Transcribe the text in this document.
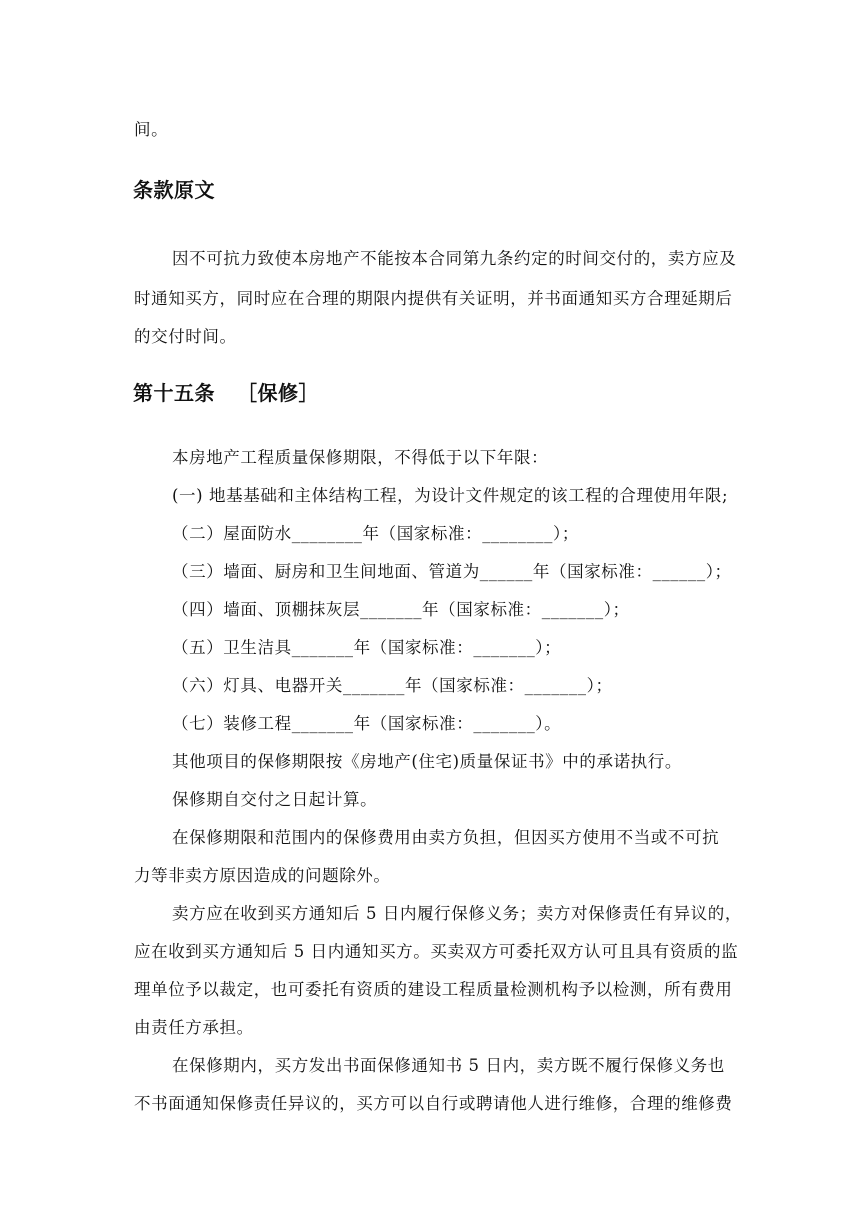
间。
条款原文
因不可抗力致使本房地产不能按本合同第九条约定的时间交付的，卖方应及
时通知买方，同时应在合理的期限内提供有关证明，并书面通知买方合理延期后
的交付时间。
第十五条 ［保修］
本房地产工程质量保修期限，不得低于以下年限：
(一) 地基基础和主体结构工程，为设计文件规定的该工程的合理使用年限;
（二）屋面防水________年（国家标准：________）；
（三）墙面、厨房和卫生间地面、管道为______年（国家标准：______）；
（四）墙面、顶棚抹灰层_______年（国家标准：_______）；
（五）卫生洁具_______年（国家标准：_______）；
（六）灯具、电器开关_______年（国家标准：_______）；
（七）装修工程_______年（国家标准：_______）。
其他项目的保修期限按《房地产(住宅)质量保证书》中的承诺执行。
保修期自交付之日起计算。
在保修期限和范围内的保修费用由卖方负担，但因买方使用不当或不可抗
力等非卖方原因造成的问题除外。
卖方应在收到买方通知后 5 日内履行保修义务；卖方对保修责任有异议的，
应在收到买方通知后 5 日内通知买方。买卖双方可委托双方认可且具有资质的监
理单位予以裁定，也可委托有资质的建设工程质量检测机构予以检测，所有费用
由责任方承担。
在保修期内，买方发出书面保修通知书 5 日内，卖方既不履行保修义务也
不书面通知保修责任异议的，买方可以自行或聘请他人进行维修，合理的维修费
